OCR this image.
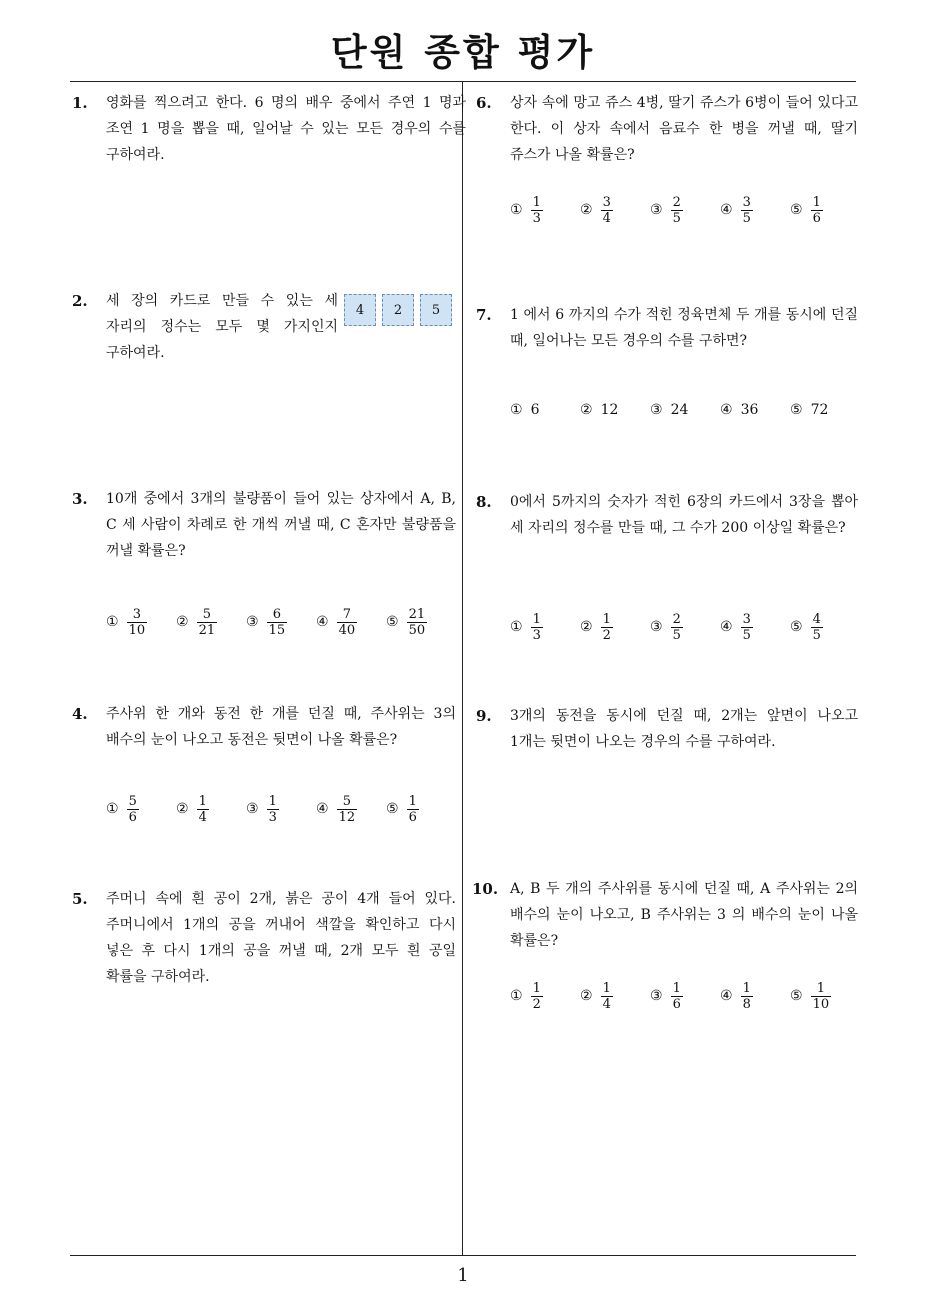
단원 종합 평가
1
1. 영화를 찍으려고 한다. 6 명의 배우 중에서 주연 1 명과 조연 1 명을 뽑을 때, 일어날 수 있는 모든 경우의 수를 구하여라.
2. 세 장의 카드로 만들 수 있는 세 자리의 정수는 모두 몇 가지인지 구하여라.
4	2	5
3. 10개 중에서 3개의 불량품이 들어 있는 상자에서 A, B, C 세 사람이 차례로 한 개씩 꺼낼 때, C 혼자만 불량품을 꺼낼 확률은?
① $\frac{3}{10}$ ② $\frac{5}{21}$ ③ $\frac{6}{15}$ ④ $\frac{7}{40}$ ⑤ $\frac{21}{50}$
4. 주사위 한 개와 동전 한 개를 던질 때, 주사위는 3의 배수의 눈이 나오고 동전은 뒷면이 나올 확률은?
① $\frac{5}{6}$	② $\frac{1}{4}$	③ $\frac{1}{3}$	④ $\frac{5}{12}$ ⑤ $\frac{1}{6}$
5. 주머니 속에 흰 공이 2개, 붉은 공이 4개 들어 있다. 주머니에서 1개의 공을 꺼내어 색깔을 확인하고 다시 넣은 후 다시 1개의 공을 꺼낼 때, 2개 모두 흰 공일 확률을 구하여라.
6. 상자 속에 망고 쥬스 4병, 딸기 쥬스가 6병이 들어 있다고 한다. 이 상자 속에서 음료수 한 병을 꺼낼 때, 딸기 쥬스가 나올 확률은?
① $\frac{1}{3}$	② $\frac{3}{4}$	③ $\frac{2}{5}$	④ $\frac{3}{5}$	⑤ $\frac{1}{6}$
7. 1 에서 6 까지의 수가 적힌 정육면체 두 개를 동시에 던질 때, 일어나는 모든 경우의 수를 구하면?
① 6	② 12 ③ 24 ④ 36 ⑤ 72
8. 0에서 5까지의 숫자가 적힌 6장의 카드에서 3장을 뽑아 세 자리의 정수를 만들 때, 그 수가 200 이상일 확률은?
① $\frac{1}{3}$	② $\frac{1}{2}$	③ $\frac{2}{5}$	④ $\frac{3}{5}$	⑤ $\frac{4}{5}$
9. 3개의 동전을 동시에 던질 때, 2개는 앞면이 나오고 1개는 뒷면이 나오는 경우의 수를 구하여라.
10. A, B 두 개의 주사위를 동시에 던질 때, A 주사위는 2의 배수의 눈이 나오고, B 주사위는 3 의 배수의 눈이 나올 확률은?
① $\frac{1}{2}$	② $\frac{1}{4}$	③ $\frac{1}{6}$	④ $\frac{1}{8}$	⑤ $\frac{1}{10}$
